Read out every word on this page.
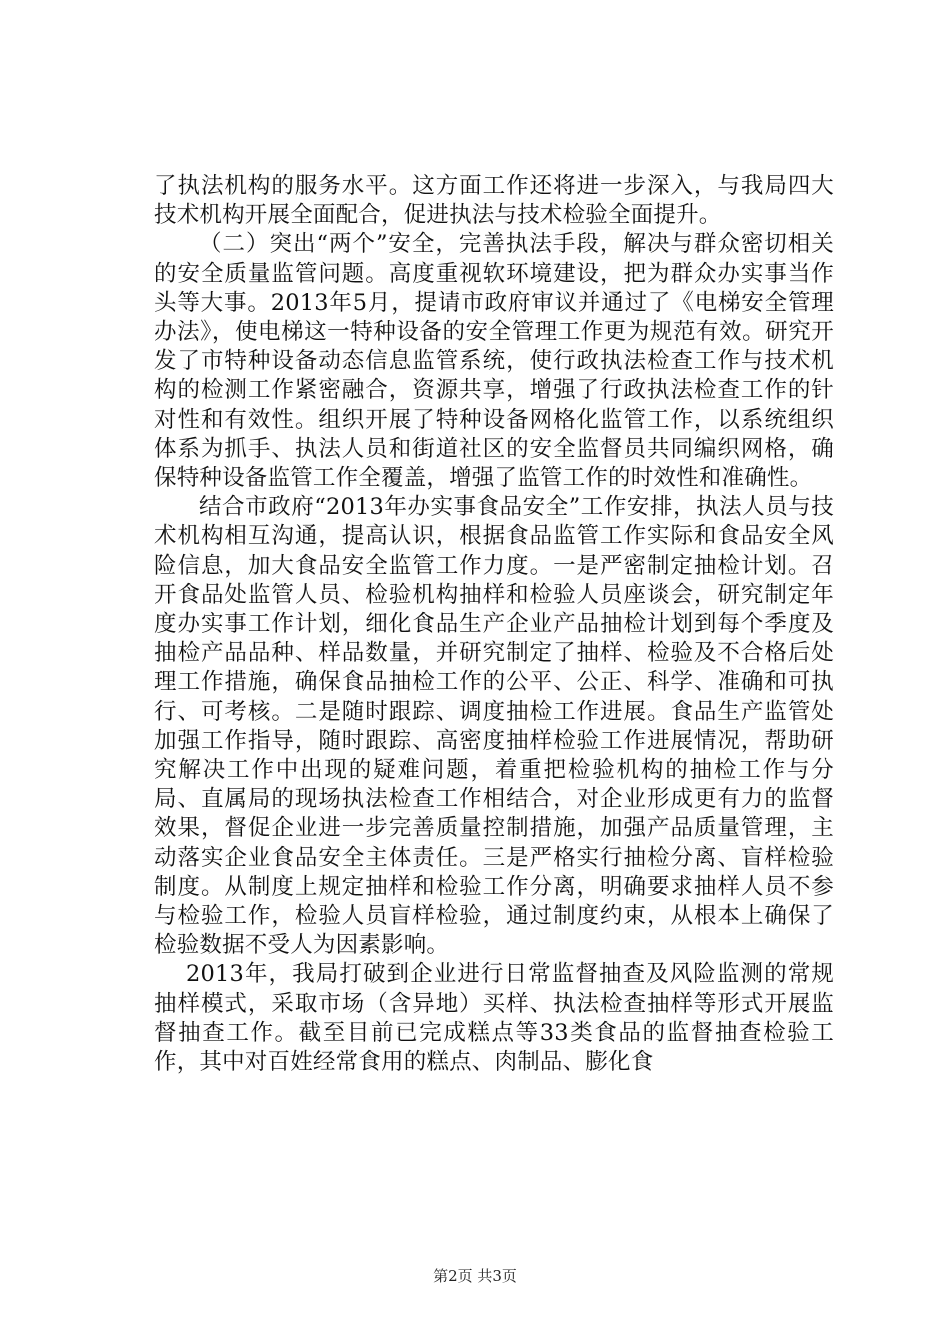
了执法机构的服务水平。这方面工作还将进一步深入，与我局四大技术机构开展全面配合，促进执法与技术检验全面提升。

（二）突出“两个”安全，完善执法手段，解决与群众密切相关的安全质量监管问题。高度重视软环境建设，把为群众办实事当作头等大事。2013年5月，提请市政府审议并通过了《电梯安全管理办法》，使电梯这一特种设备的安全管理工作更为规范有效。研究开发了市特种设备动态信息监管系统，使行政执法检查工作与技术机构的检测工作紧密融合，资源共享，增强了行政执法检查工作的针对性和有效性。组织开展了特种设备网格化监管工作，以系统组织体系为抓手、执法人员和街道社区的安全监督员共同编织网格，确保特种设备监管工作全覆盖，增强了监管工作的时效性和准确性。

结合市政府“2013年办实事食品安全”工作安排，执法人员与技术机构相互沟通，提高认识，根据食品监管工作实际和食品安全风险信息，加大食品安全监管工作力度。一是严密制定抽检计划。召开食品处监管人员、检验机构抽样和检验人员座谈会，研究制定年度办实事工作计划，细化食品生产企业产品抽检计划到每个季度及抽检产品品种、样品数量，并研究制定了抽样、检验及不合格后处理工作措施，确保食品抽检工作的公平、公正、科学、准确和可执行、可考核。二是随时跟踪、调度抽检工作进展。食品生产监管处加强工作指导，随时跟踪、高密度抽样检验工作进展情况，帮助研究解决工作中出现的疑难问题，着重把检验机构的抽检工作与分局、直属局的现场执法检查工作相结合，对企业形成更有力的监督效果，督促企业进一步完善质量控制措施，加强产品质量管理，主动落实企业食品安全主体责任。三是严格实行抽检分离、盲样检验制度。从制度上规定抽样和检验工作分离，明确要求抽样人员不参与检验工作，检验人员盲样检验，通过制度约束，从根本上确保了检验数据不受人为因素影响。

2013年，我局打破到企业进行日常监督抽查及风险监测的常规抽样模式，采取市场（含异地）买样、执法检查抽样等形式开展监督抽查工作。截至目前已完成糕点等33类食品的监督抽查检验工作，其中对百姓经常食用的糕点、肉制品、膨化食

第2页 共3页
